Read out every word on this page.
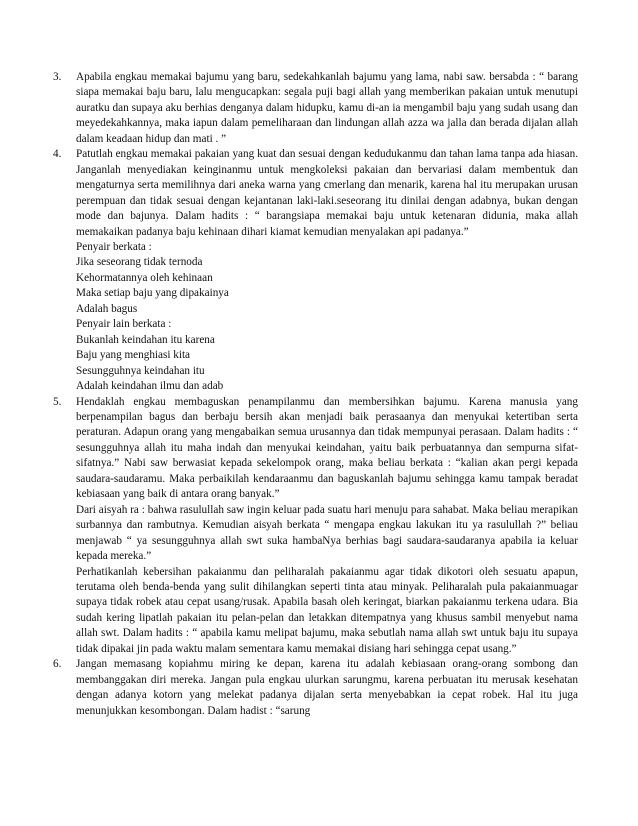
3. Apabila engkau memakai bajumu yang baru, sedekahkanlah bajumu yang lama, nabi saw. bersabda : “ barang siapa memakai baju baru, lalu mengucapkan: segala puji bagi allah yang memberikan pakaian untuk menutupi auratku dan supaya aku berhias denganya dalam hidupku, kamu di-an ia mengambil baju yang sudah usang dan meyedekahkannya, maka iapun dalam pemeliharaan dan lindungan allah azza wa jalla dan berada dijalan allah dalam keadaan hidup dan mati . ”

4. Patutlah engkau memakai pakaian yang kuat dan sesuai dengan kedudukanmu dan tahan lama tanpa ada hiasan. Janganlah menyediakan keinginanmu untuk mengkoleksi pakaian dan bervariasi dalam membentuk dan mengaturnya serta memilihnya dari aneka warna yang cmerlang dan menarik, karena hal itu merupakan urusan perempuan dan tidak sesuai dengan kejantanan laki-laki.seseorang itu dinilai dengan adabnya, bukan dengan mode dan bajunya. Dalam hadits : “ barangsiapa memakai baju untuk ketenaran didunia, maka allah memakaikan padanya baju kehinaan dihari kiamat kemudian menyalakan api padanya.”

Penyair berkata :
Jika seseorang tidak ternoda
Kehormatannya oleh kehinaan
Maka setiap baju yang dipakainya
Adalah bagus
Penyair lain berkata :
Bukanlah keindahan itu karena
Baju yang menghiasi kita
Sesungguhnya keindahan itu
Adalah keindahan ilmu dan adab
5. Hendaklah engkau membaguskan penampilanmu dan membersihkan bajumu. Karena manusia yang berpenampilan bagus dan berbaju bersih akan menjadi baik perasaanya dan menyukai ketertiban serta peraturan. Adapun orang yang mengabaikan semua urusannya dan tidak mempunyai perasaan. Dalam hadits : “ sesungguhnya allah itu maha indah dan menyukai keindahan, yaitu baik perbuatannya dan sempurna sifat-sifatnya.” Nabi saw berwasiat kepada sekelompok orang, maka beliau berkata : “kalian akan pergi kepada saudara-saudaramu. Maka perbaikilah kendaraanmu dan baguskanlah bajumu sehingga kamu tampak beradat kebiasaan yang baik di antara orang banyak.”

Dari aisyah ra : bahwa rasulullah saw ingin keluar pada suatu hari menuju para sahabat. Maka beliau merapikan surbannya dan rambutnya. Kemudian aisyah berkata “ mengapa engkau lakukan itu ya rasulullah ?” beliau menjawab “ ya sesungguhnya allah swt suka hambaNya berhias bagi saudara-saudaranya apabila ia keluar kepada mereka.”

Perhatikanlah kebersihan pakaianmu dan peliharalah pakaianmu agar tidak dikotori oleh sesuatu apapun, terutama oleh benda-benda yang sulit dihilangkan seperti tinta atau minyak. Peliharalah pula pakaianmuagar supaya tidak robek atau cepat usang/rusak. Apabila basah oleh keringat, biarkan pakaianmu terkena udara. Bia sudah kering lipatlah pakaian itu pelan-pelan dan letakkan ditempatnya yang khusus sambil menyebut nama allah swt. Dalam hadits : “ apabila kamu melipat bajumu, maka sebutlah nama allah swt untuk baju itu supaya tidak dipakai jin pada waktu malam sementara kamu memakai disiang hari sehingga cepat usang.”

6. Jangan memasang kopiahmu miring ke depan, karena itu adalah kebiasaan orang-orang sombong dan membanggakan diri mereka. Jangan pula engkau ulurkan sarungmu, karena perbuatan itu merusak kesehatan dengan adanya kotorn yang melekat padanya dijalan serta menyebabkan ia cepat robek. Hal itu juga menunjukkan kesombongan. Dalam hadist : “sarung
